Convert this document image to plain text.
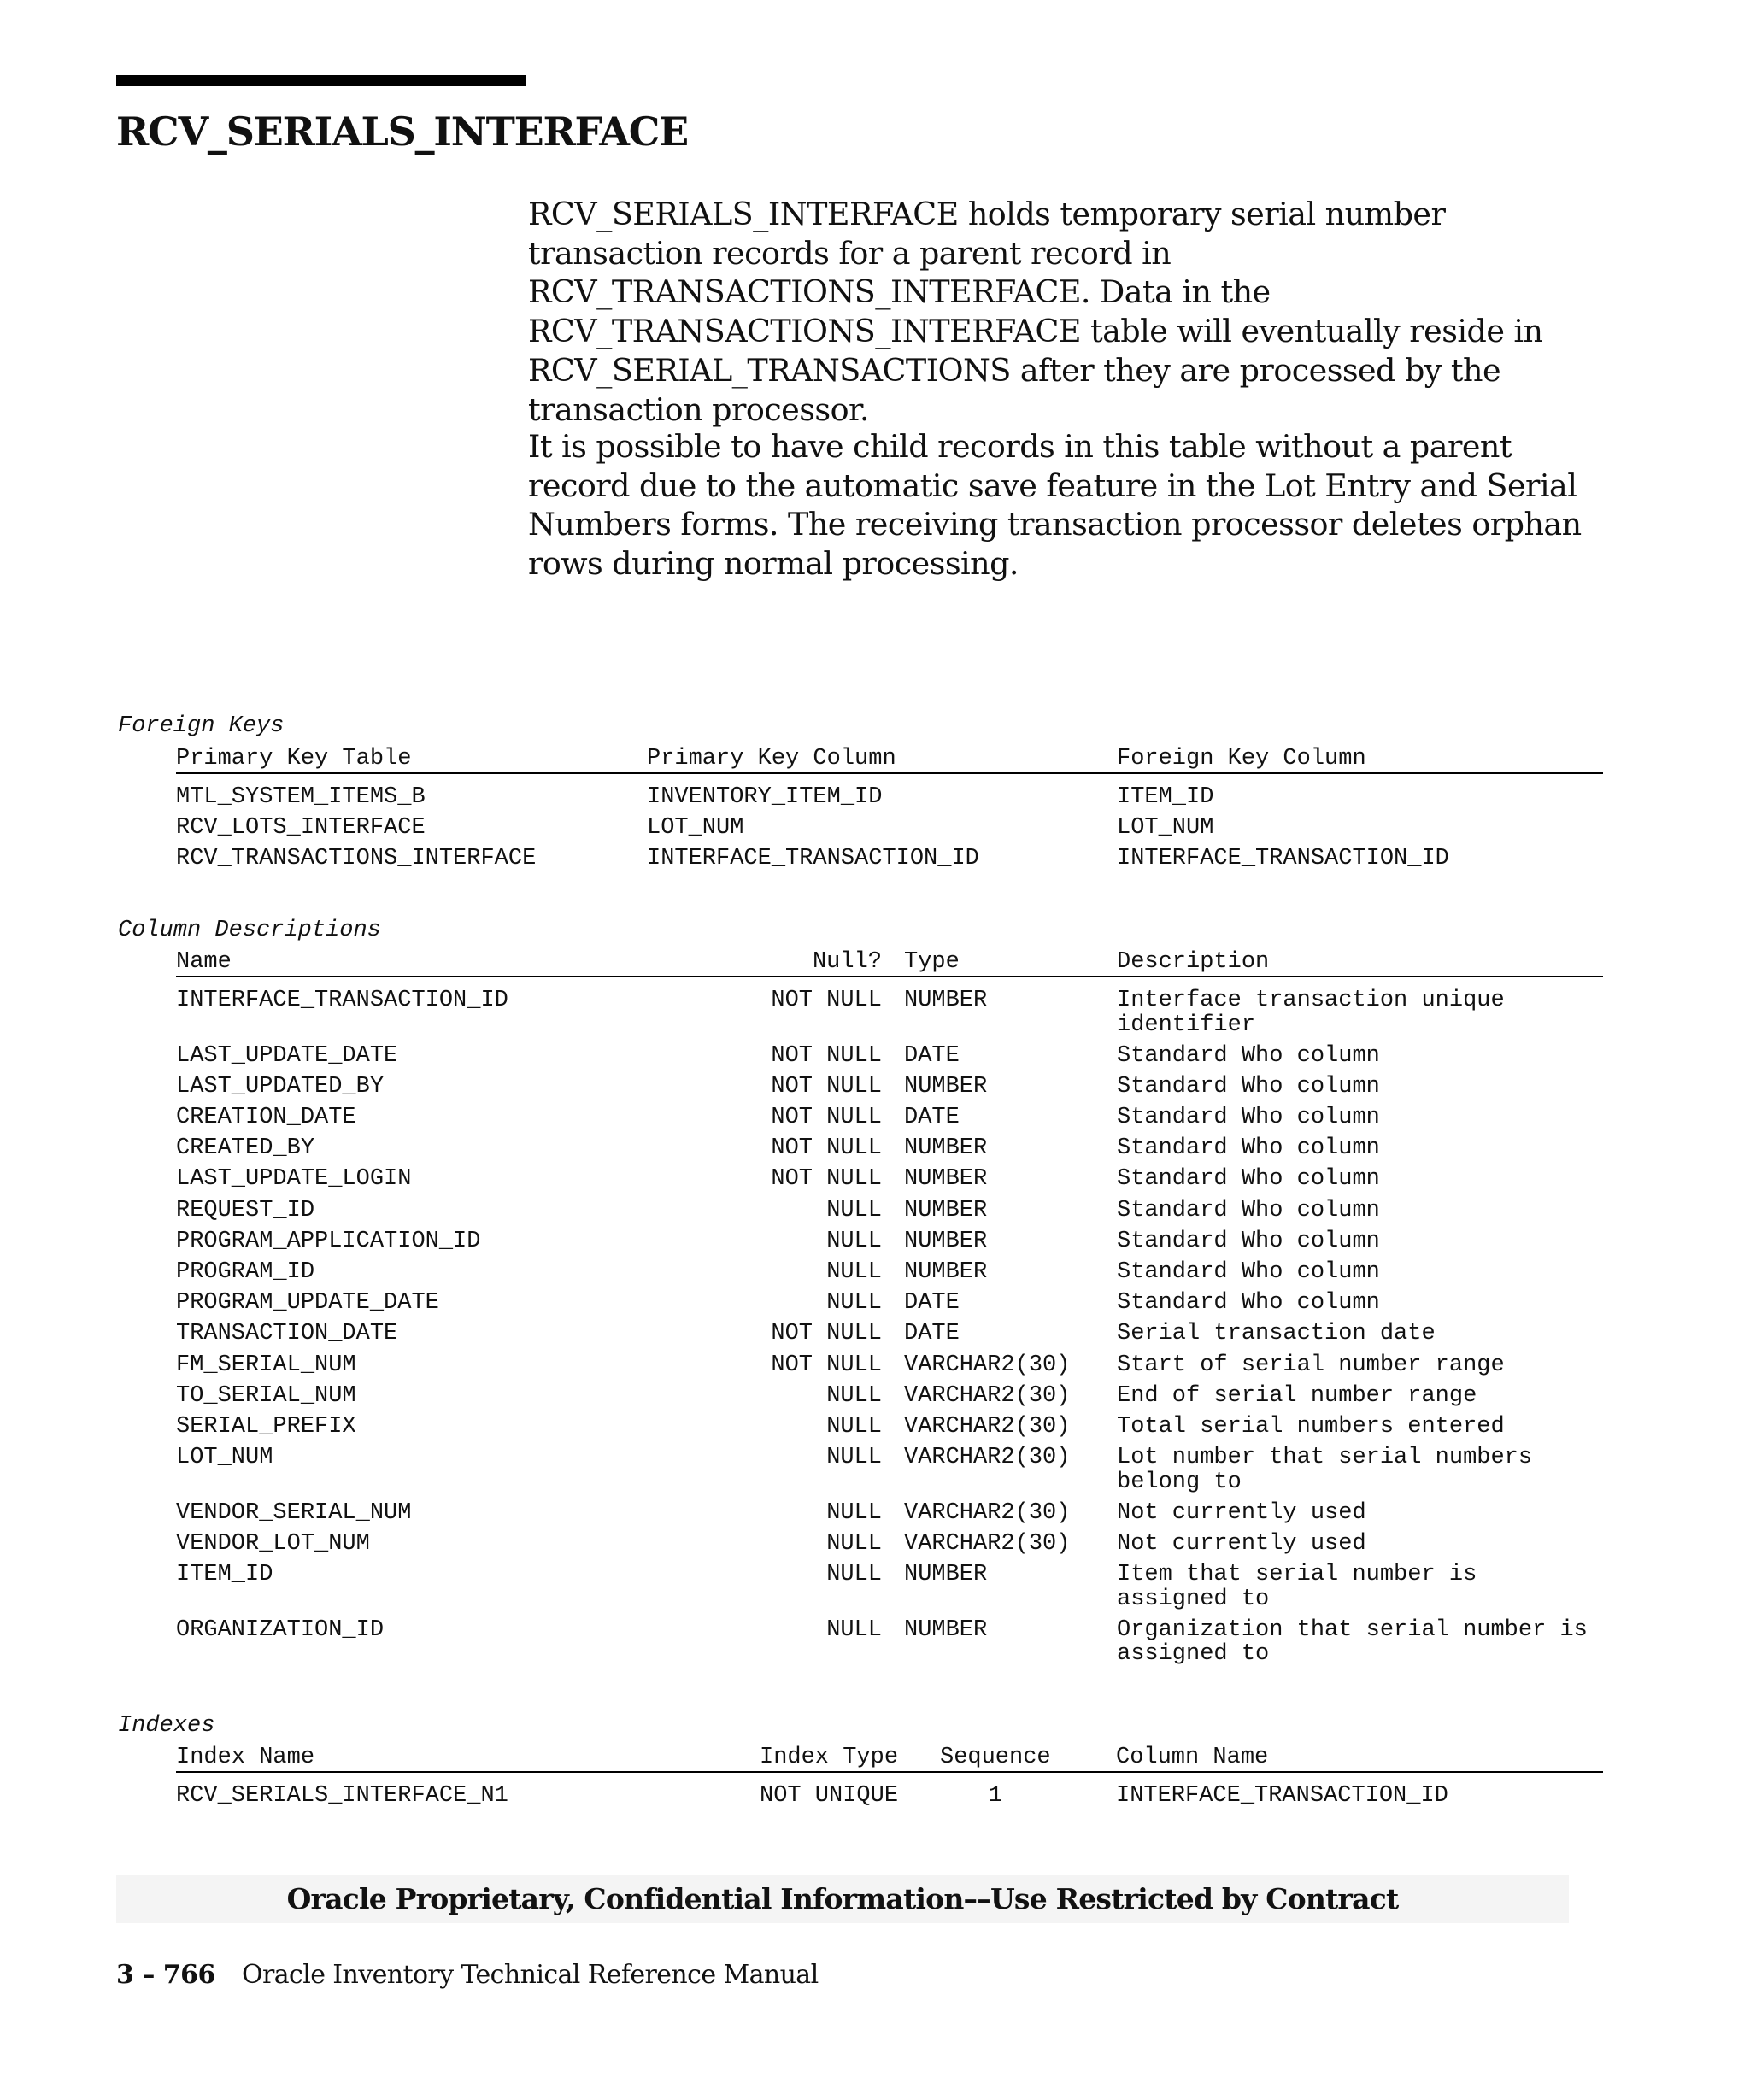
RCV_SERIALS_INTERFACE

RCV_SERIALS_INTERFACE holds temporary serial number transaction records for a parent record in RCV_TRANSACTIONS_INTERFACE. Data in the RCV_TRANSACTIONS_INTERFACE table will eventually reside in RCV_SERIAL_TRANSACTIONS after they are processed by the transaction processor.

It is possible to have child records in this table without a parent record due to the automatic save feature in the Lot Entry and Serial Numbers forms. The receiving transaction processor deletes orphan rows during normal processing.

Foreign Keys
Primary Key Table	Primary Key Column	Foreign Key Column
MTL_SYSTEM_ITEMS_B	INVENTORY_ITEM_ID	ITEM_ID
RCV_LOTS_INTERFACE	LOT_NUM	LOT_NUM
RCV_TRANSACTIONS_INTERFACE	INTERFACE_TRANSACTION_ID	INTERFACE_TRANSACTION_ID
Column Descriptions
Name	Null? Type	Description
INTERFACE_TRANSACTION_ID	NOT NULL NUMBER	Interface transaction unique identifier
LAST_UPDATE_DATE	NOT NULL DATE	Standard Who column
LAST_UPDATED_BY	NOT NULL NUMBER	Standard Who column
CREATION_DATE	NOT NULL DATE	Standard Who column
CREATED_BY	NOT NULL NUMBER	Standard Who column
LAST_UPDATE_LOGIN	NOT NULL NUMBER	Standard Who column
REQUEST_ID	NULL NUMBER	Standard Who column
PROGRAM_APPLICATION_ID	NULL NUMBER	Standard Who column
PROGRAM_ID	NULL NUMBER	Standard Who column
PROGRAM_UPDATE_DATE	NULL DATE	Standard Who column
TRANSACTION_DATE	NOT NULL DATE	Serial transaction date
FM_SERIAL_NUM	NOT NULL VARCHAR2(30) Start of serial number range
TO_SERIAL_NUM	NULL VARCHAR2(30) End of serial number range
SERIAL_PREFIX	NULL VARCHAR2(30) Total serial numbers entered
LOT_NUM	NULL VARCHAR2(30) Lot number that serial numbers belong to
VENDOR_SERIAL_NUM	NULL VARCHAR2(30) Not currently used
VENDOR_LOT_NUM	NULL VARCHAR2(30) Not currently used
ITEM_ID	NULL NUMBER	Item that serial number is assigned to
ORGANIZATION_ID	NULL NUMBER	Organization that serial number is assigned to
Indexes
Index Name	Index Type Sequence	Column Name
RCV_SERIALS_INTERFACE_N1	NOT UNIQUE	1	INTERFACE_TRANSACTION_ID
Oracle Proprietary, Confidential Information––Use Restricted by Contract
3 – 766 Oracle Inventory Technical Reference Manual
